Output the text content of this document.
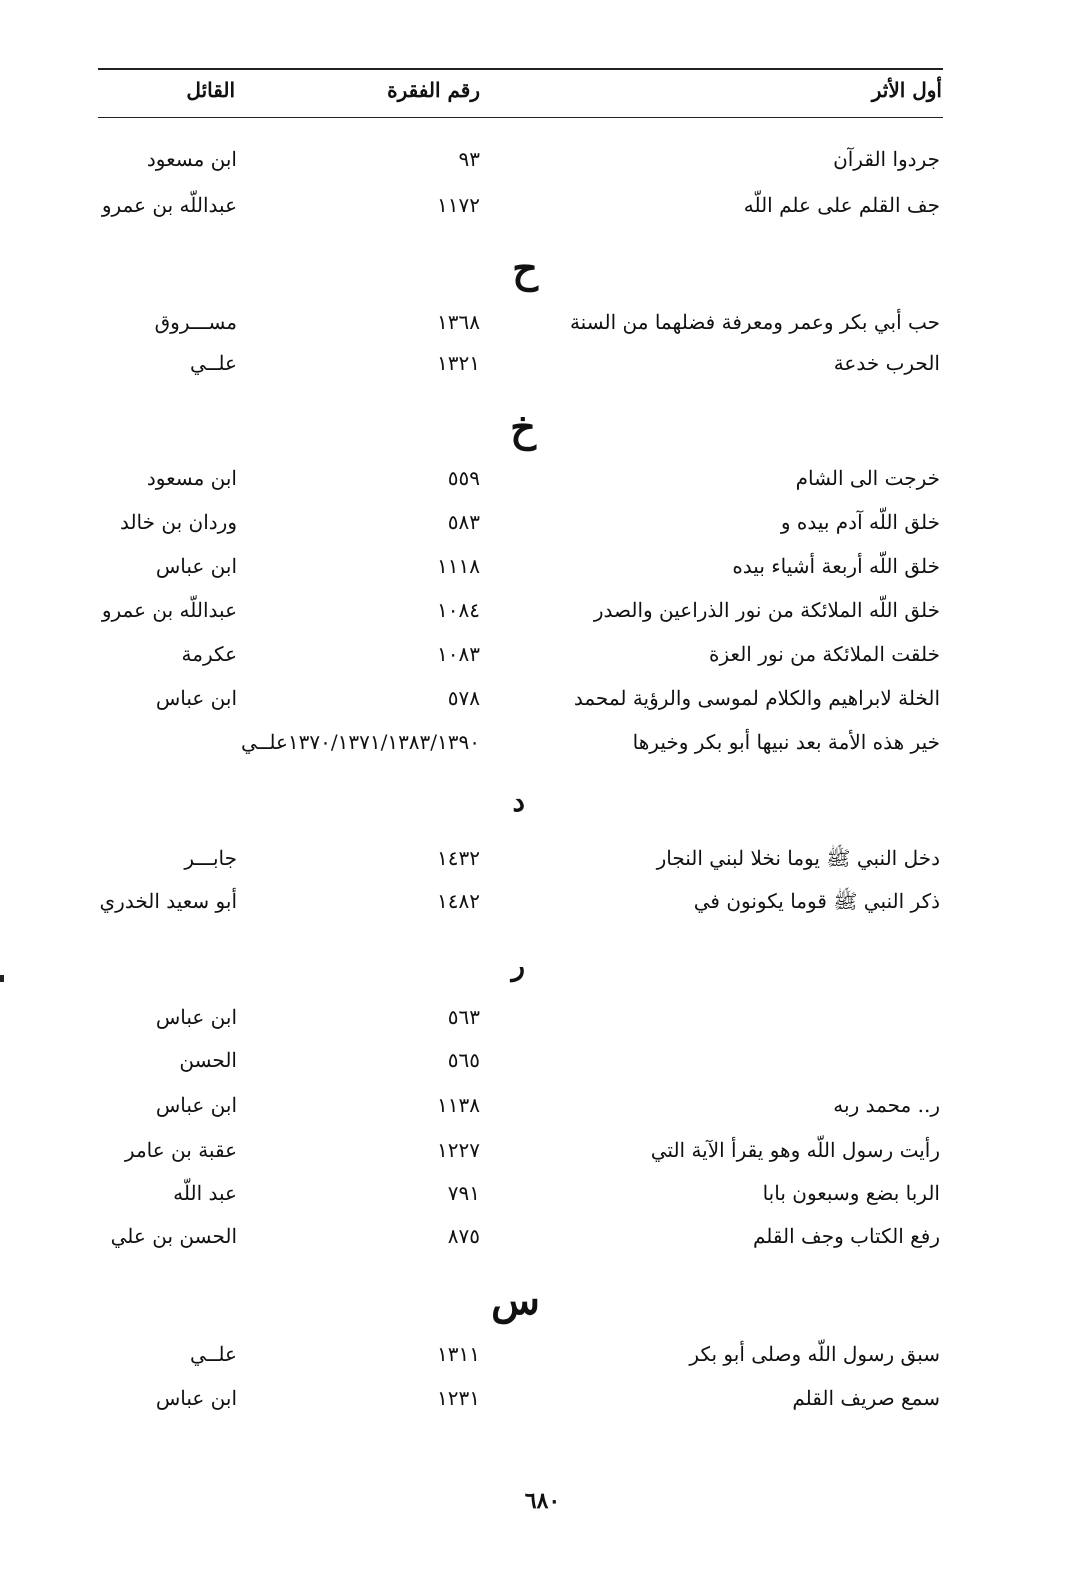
أول الأثر
رقم الفقرة
القائل
جردوا القرآن
٩٣
ابن مسعود
جف القلم على علم اللّه
١١٧٢
عبداللّه بن عمرو
ح
حب أبي بكر وعمر ومعرفة فضلهما من السنة
١٣٦٨
مســـروق
الحرب خدعة
١٣٢١
علــي
خ
خرجت الى الشام
٥٥٩
ابن مسعود
خلق اللّه آدم بيده و
٥٨٣
وردان بن خالد
خلق اللّه أربعة أشياء بيده
١١١٨
ابن عباس
خلق اللّه الملائكة من نور الذراعين والصدر
١٠٨٤
عبداللّه بن عمرو
خلقت الملائكة من نور العزة
١٠٨٣
عكرمة
الخلة لابراهيم والكلام لموسى والرؤية لمحمد
٥٧٨
ابن عباس
خير هذه الأمة بعد نبيها أبو بكر وخيرها
١٣٧٠/١٣٧١/١٣٨٣/١٣٩٠علــي
د
دخل النبي ﷺ يوما نخلا لبني النجار
١٤٣٢
جابـــر
ذكر النبي ﷺ قوما يكونون في
١٤٨٢
أبو سعيد الخدري
ر
٥٦٣
ابن عباس
٥٦٥
الحسن
ر.. محمد ربه
١١٣٨
ابن عباس
رأيت رسول اللّه وهو يقرأ الآية التي
١٢٢٧
عقبة بن عامر
الربا بضع وسبعون بابا
٧٩١
عبد اللّه
رفع الكتاب وجف القلم
٨٧٥
الحسن بن علي
س
سبق رسول اللّه وصلى أبو بكر
١٣١١
علــي
سمع صريف القلم
١٢٣١
ابن عباس
٦٨٠
